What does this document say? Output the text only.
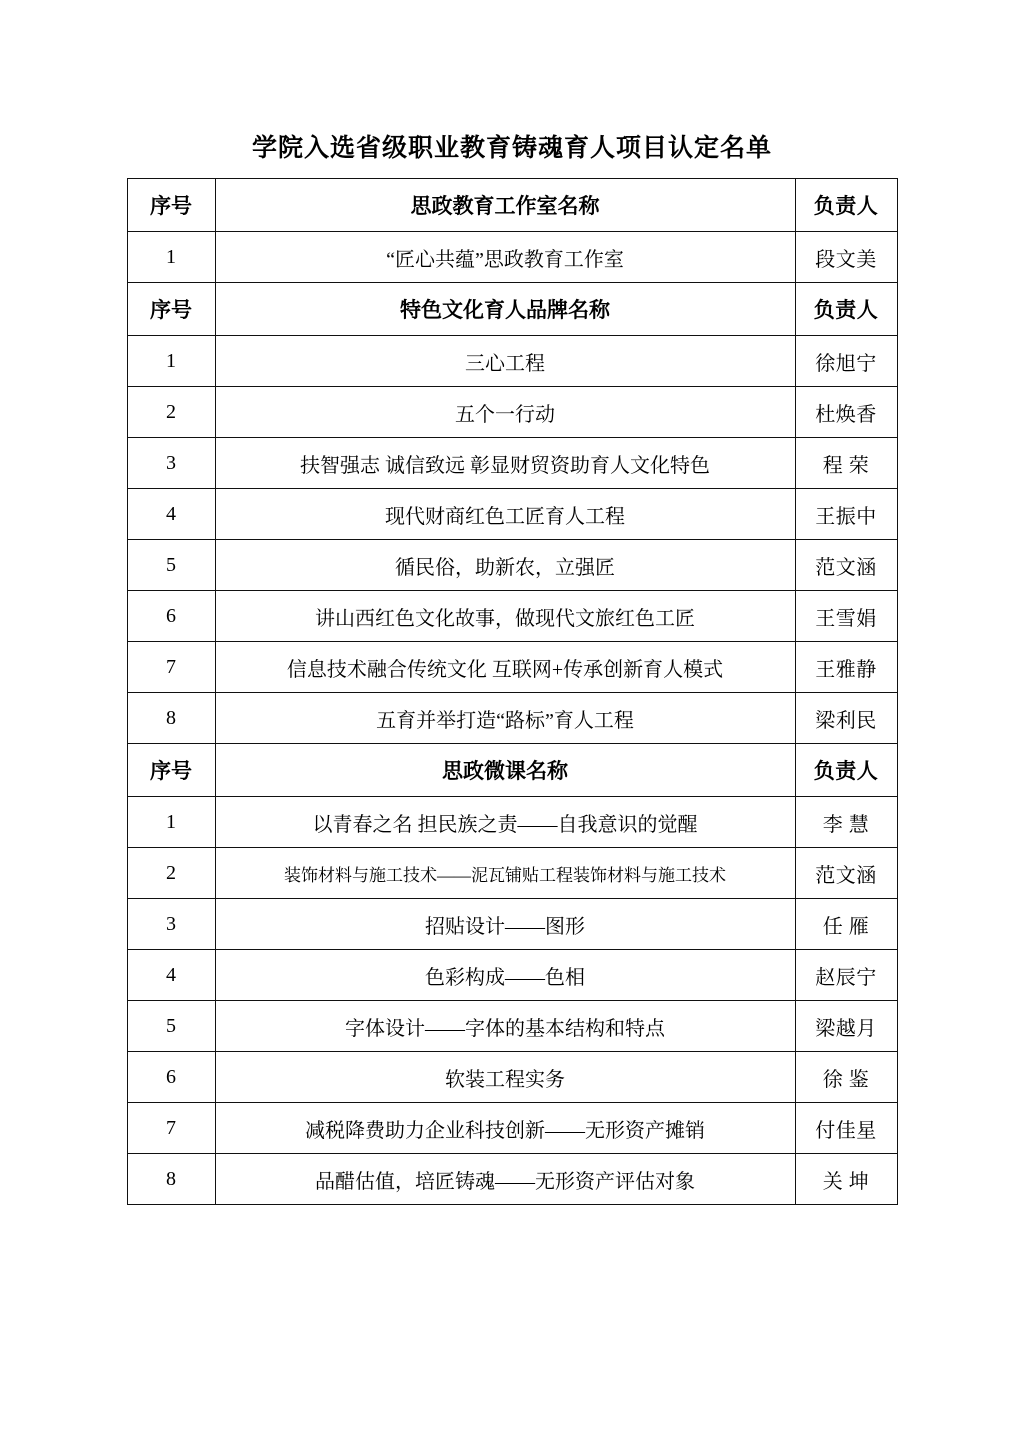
学院入选省级职业教育铸魂育人项目认定名单
序号	思政教育工作室名称	负责人
1	“匠心共蕴”思政教育工作室	段文美
序号	特色文化育人品牌名称	负责人
1	三心工程	徐旭宁
2	五个一行动	杜焕香
3	扶智强志 诚信致远 彰显财贸资助育人文化特色	程 荣
4	现代财商红色工匠育人工程	王振中
5	循民俗，助新农，立强匠	范文涵
6	讲山西红色文化故事，做现代文旅红色工匠	王雪娟
7	信息技术融合传统文化 互联网+传承创新育人模式	王雅静
8	五育并举打造“路标”育人工程	梁利民
序号	思政微课名称	负责人
1	以青春之名 担民族之责——自我意识的觉醒	李 慧
2	装饰材料与施工技术——泥瓦铺贴工程装饰材料与施工技术	范文涵
3	招贴设计——图形	任 雁
4	色彩构成——色相	赵辰宁
5	字体设计——字体的基本结构和特点	梁越月
6	软装工程实务	徐 鉴
7	减税降费助力企业科技创新——无形资产摊销	付佳星
8	品醋估值，培匠铸魂——无形资产评估对象	关 坤
